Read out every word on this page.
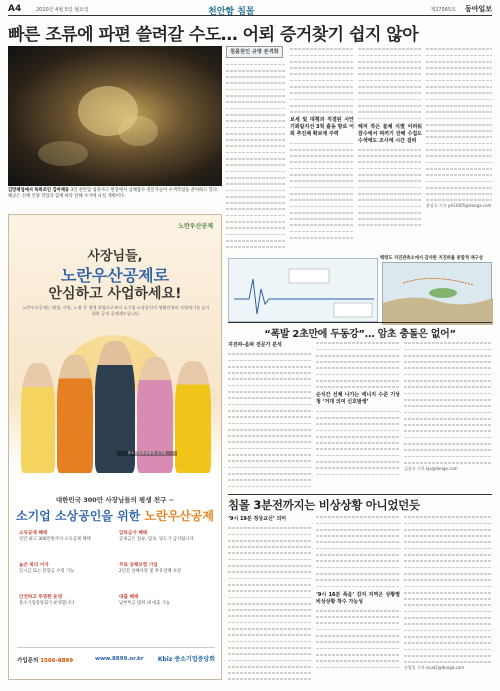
A4	2010년 4월 5일 월요일	천안함 침몰	제27565호 동아일보
빠른 조류에 파편 쓸려갈 수도… 어뢰 증거찾기 쉽지 않아
김망제업에서 목록조인 김아재등 3일 천안함 침몰사고 현장에서 심해잠수 전문가들이 수색작업을 준비하고 있다. 해군은 선체 인양 작업과 함께 바닥 잔해 수거에 나설 계획이다.
침몰원인 규명 본격화
보세 및 대책과 직결된 사안 기뢰탐지선 3척 출동 항로 어뢰 추진체 확보에 주력
해저 작은 물체 식별 어려워 잠수에서 찌꺼기 잔해 수집도 수색에도 조사에 시간 걸려
윤상호 기자 ysh1005@donga.com
백령도 지진관측소에서 감지한 지진파를 종합적 재구성
노란우산공제
사장님들,
노란우산공제로
안심하고 사업하세요!
노란우산공제는 폐업, 사망, 노령 등 생계 위협으로부터 소기업·소상공인의 생활안정과 사업재기를 돕기 위한 공적 공제제도입니다.
중소기업중앙회장 김기문
대한민국 300만 사장님들의 평생 친구 ~
소기업 소상공인을 위한 노란우산공제
소득공제 혜택
연간 최고 300만원까지 소득공제 혜택
압류금지 혜택
공제금은 압류, 담보, 양도가 금지됩니다
높은 복리 이자
일시금 또는 분할금 수령 가능
무료 상해보험 가입
2년간 상해사망 및 후유장해 보장
안전하고 투명한 운영
중소기업중앙회가 운영합니다
대출 혜택
납부부금 범위 내 대출 가능
가입문의 1566-8899	www.8899.or.kr Kbiz 중소기업중앙회
“폭발 2초만에 두동강”… 암초 충돌은 없어”
지진파-음파 전문가 분석
순식간 선체 나가는 에너지 수준 기상청 ‘거대 의미 신호발생’
김종사 기자 kjs@donga.com
침몰 3분전까지는 비상상황 아니었던듯
‘9시 19분 정상교신’ 의미
‘9시 16분 폭음’ 감지 지역은 상황별 비상상황 착수 가능성
손영일 기자 scud2@donga.com
